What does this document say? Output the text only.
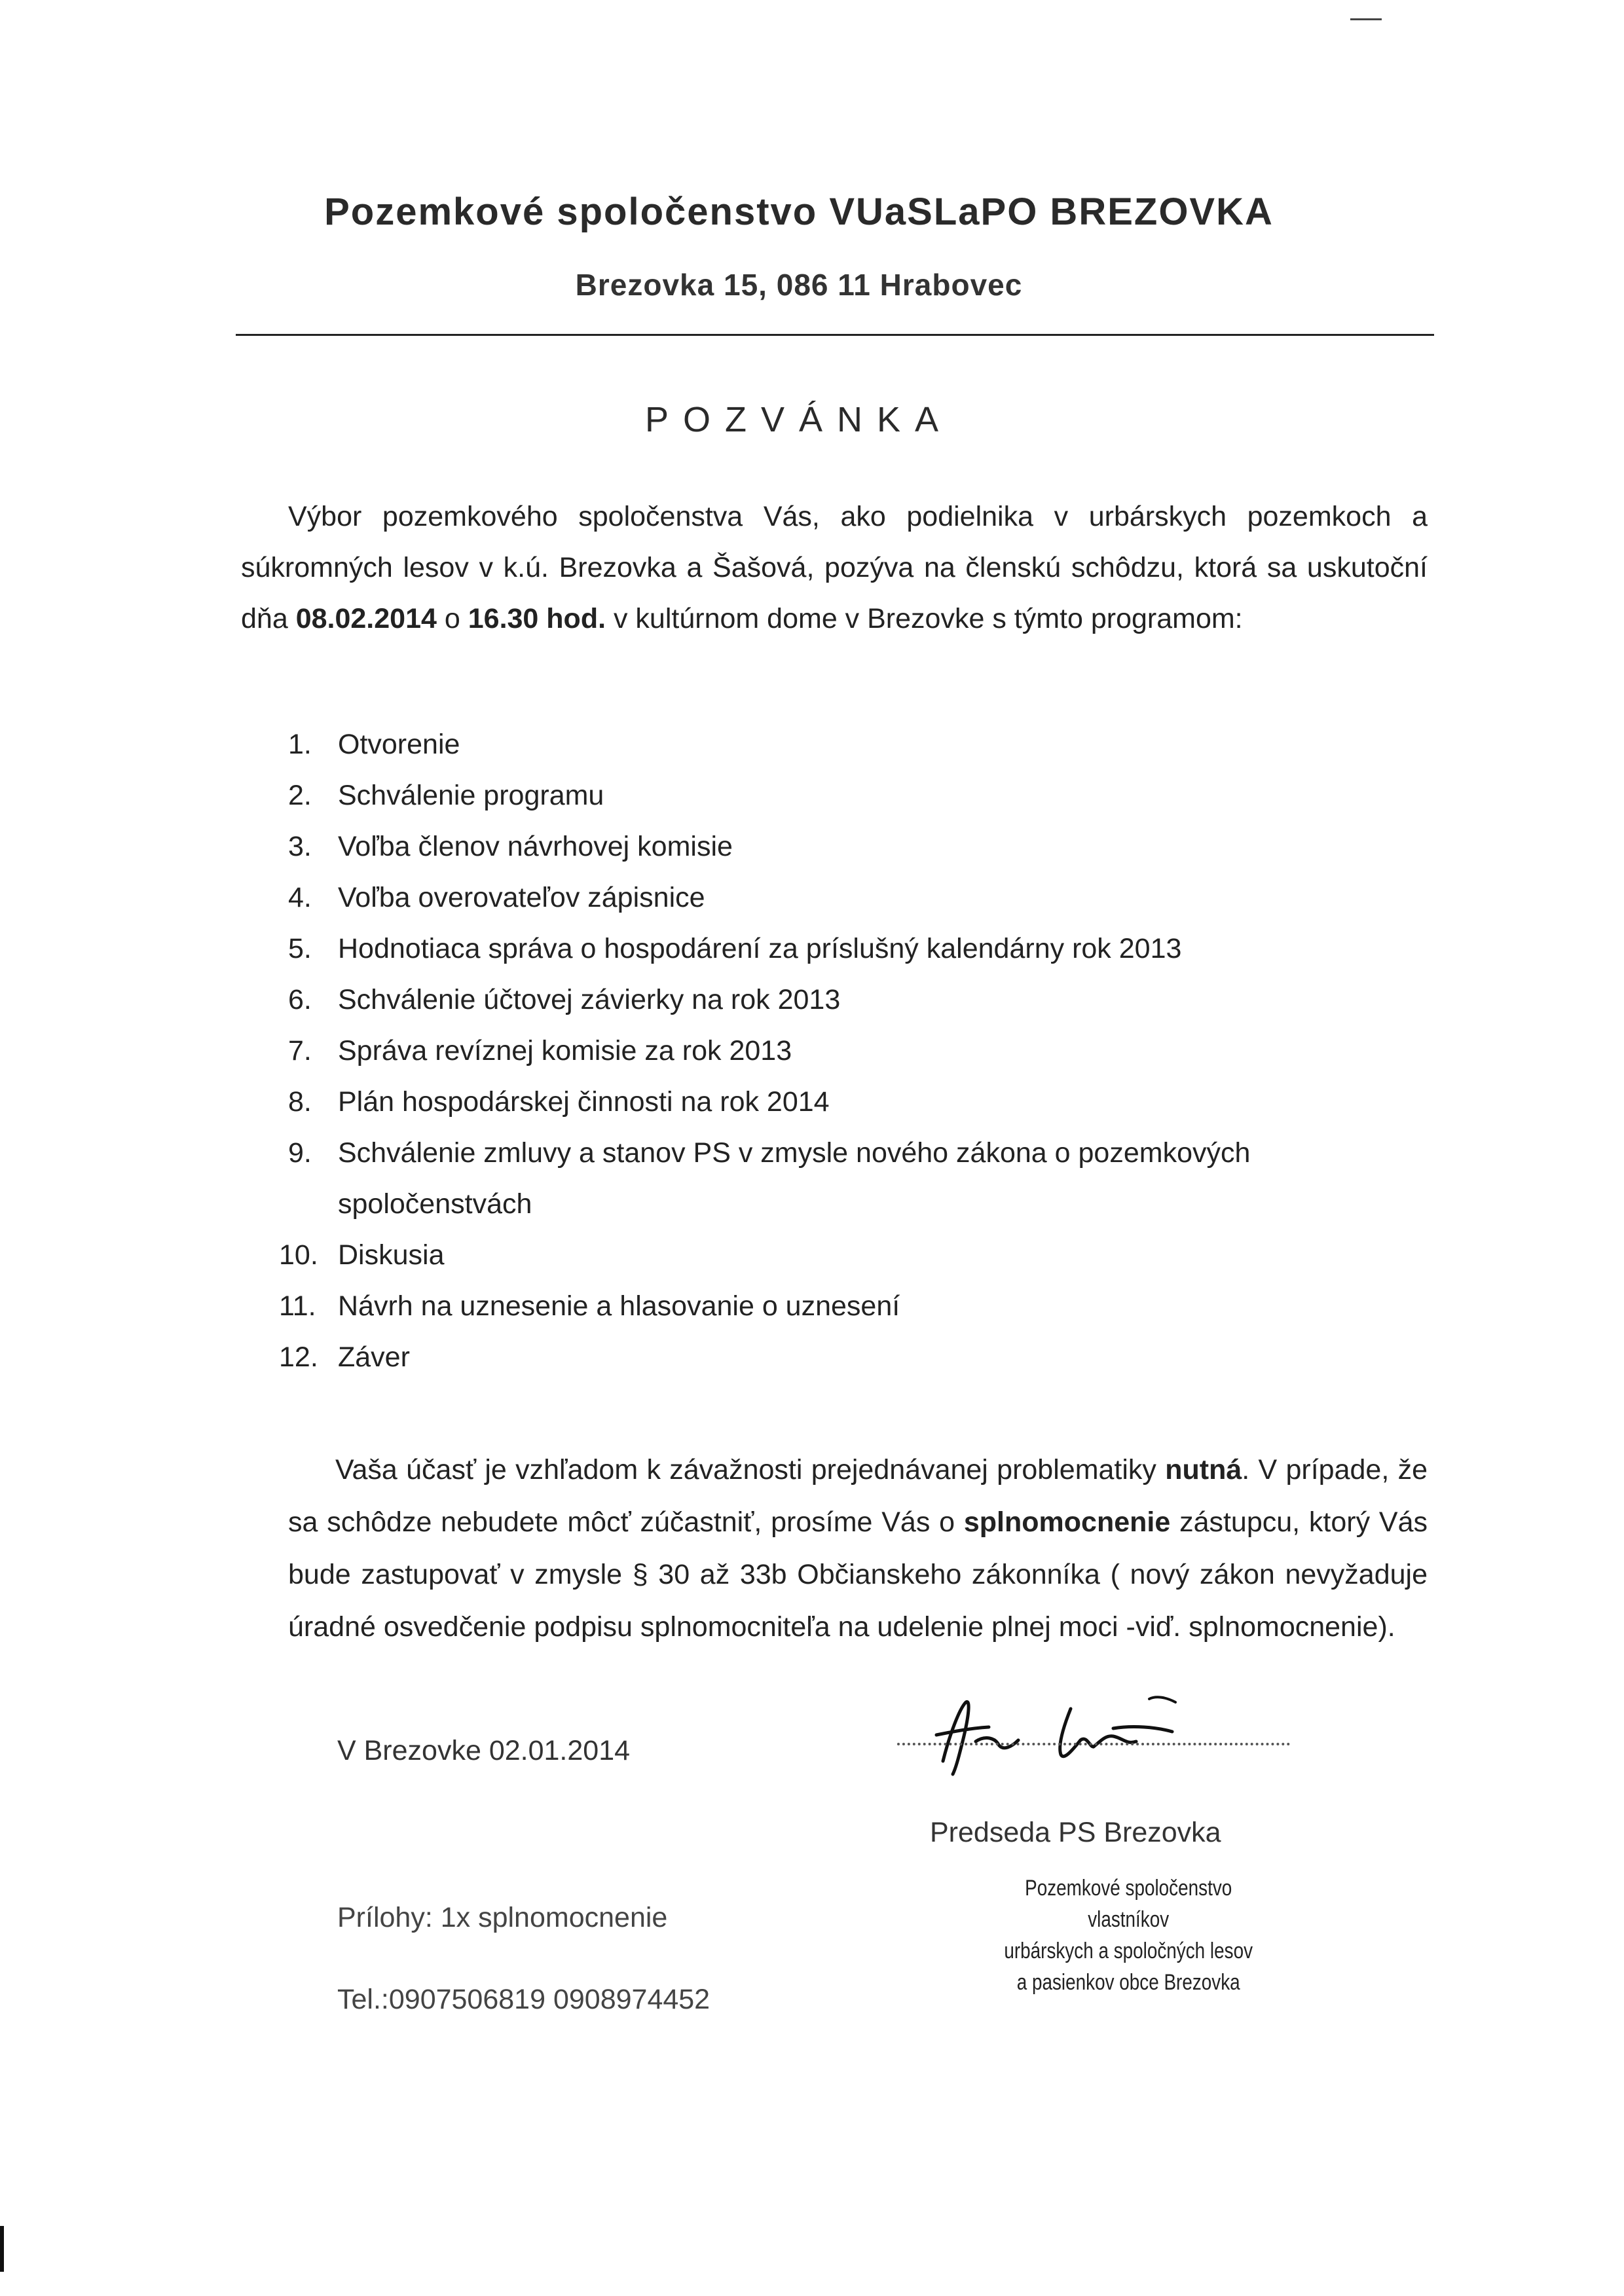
Pozemkové spoločenstvo VUaSLaPO BREZOVKA
Brezovka 15, 086 11 Hrabovec
POZVÁNKA
Výbor pozemkového spoločenstva Vás, ako podielnika v urbárskych pozemkoch a súkromných lesov v k.ú. Brezovka a Šašová, pozýva na členskú schôdzu, ktorá sa uskutoční dňa 08.02.2014 o 16.30 hod. v kultúrnom dome v Brezovke s týmto programom:
1. Otvorenie
2. Schválenie programu
3. Voľba členov návrhovej komisie
4. Voľba overovateľov zápisnice
5. Hodnotiaca správa o hospodárení za príslušný kalendárny rok 2013
6. Schválenie účtovej závierky na rok 2013
7. Správa revíznej komisie za rok 2013
8. Plán hospodárskej činnosti na rok 2014
9. Schválenie zmluvy a stanov PS v zmysle nového zákona o pozemkových spoločenstvách
10. Diskusia
11. Návrh na uznesenie a hlasovanie o uznesení
12. Záver
Vaša účasť je vzhľadom k závažnosti prejednávanej problematiky nutná. V prípade, že sa schôdze nebudete môcť zúčastniť, prosíme Vás o splnomocnenie zástupcu, ktorý Vás bude zastupovať v zmysle § 30 až 33b Občianskeho zákonníka ( nový zákon nevyžaduje úradné osvedčenie podpisu splnomocniteľa na udelenie plnej moci -viď. splnomocnenie).
V Brezovke 02.01.2014
Predseda PS Brezovka
Pozemkové spoločenstvo vlastníkov
urbárskych a spoločných lesov
a pasienkov obce Brezovka
Prílohy: 1x splnomocnenie
Tel.:0907506819 0908974452
